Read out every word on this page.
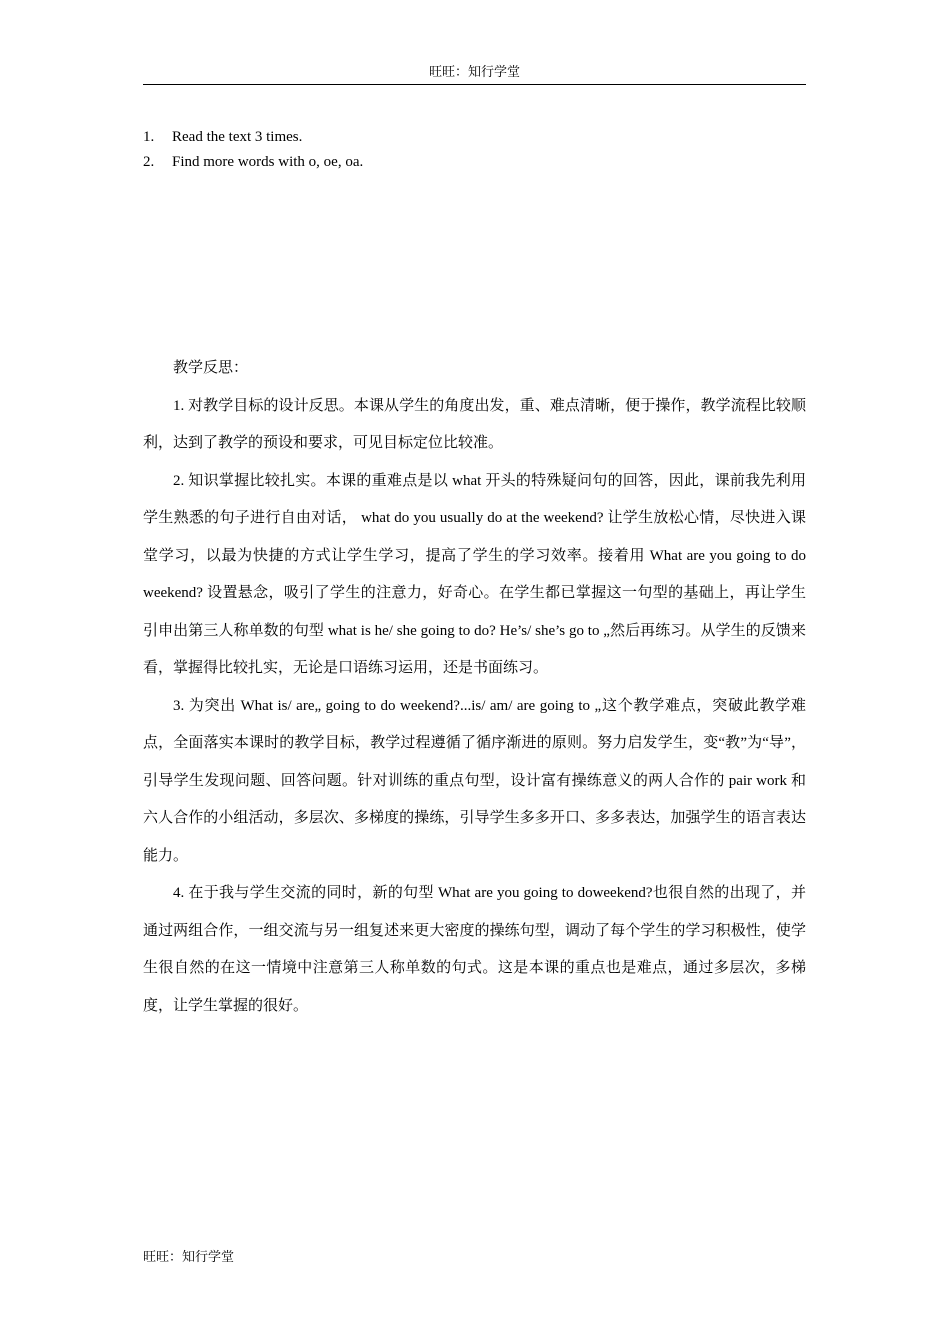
旺旺：知行学堂
1.	Read the text 3 times.
2.	Find more words with o, oe, oa.
教学反思：

1. 对教学目标的设计反思。本课从学生的角度出发，重、难点清晰，便于操作，教学流程比较顺利，达到了教学的预设和要求，可见目标定位比较准。

2. 知识掌握比较扎实。本课的重难点是以 what 开头的特殊疑问句的回答，因此，课前我先利用学生熟悉的句子进行自由对话， what do you usually do at the weekend? 让学生放松心情，尽快进入课堂学习，以最为快捷的方式让学生学习，提高了学生的学习效率。接着用 What are you going to do weekend? 设置悬念，吸引了学生的注意力，好奇心。在学生都已掌握这一句型的基础上，再让学生引申出第三人称单数的句型 what is he/ she going to do? He’s/ she’s go to „然后再练习。从学生的反馈来看，掌握得比较扎实，无论是口语练习运用，还是书面练习。

3. 为突出 What is/ are„ going to do weekend?...is/ am/ are going to „这个教学难点，突破此教学难点，全面落实本课时的教学目标，教学过程遵循了循序渐进的原则。努力启发学生，变“教”为“导”，引导学生发现问题、回答问题。针对训练的重点句型，设计富有操练意义的两人合作的 pair work 和六人合作的小组活动，多层次、多梯度的操练，引导学生多多开口、多多表达，加强学生的语言表达能力。

4. 在于我与学生交流的同时，新的句型 What are you going to doweekend?也很自然的出现了，并通过两组合作，一组交流与另一组复述来更大密度的操练句型，调动了每个学生的学习积极性，使学生很自然的在这一情境中注意第三人称单数的句式。这是本课的重点也是难点，通过多层次，多梯度，让学生掌握的很好。

旺旺：知行学堂
